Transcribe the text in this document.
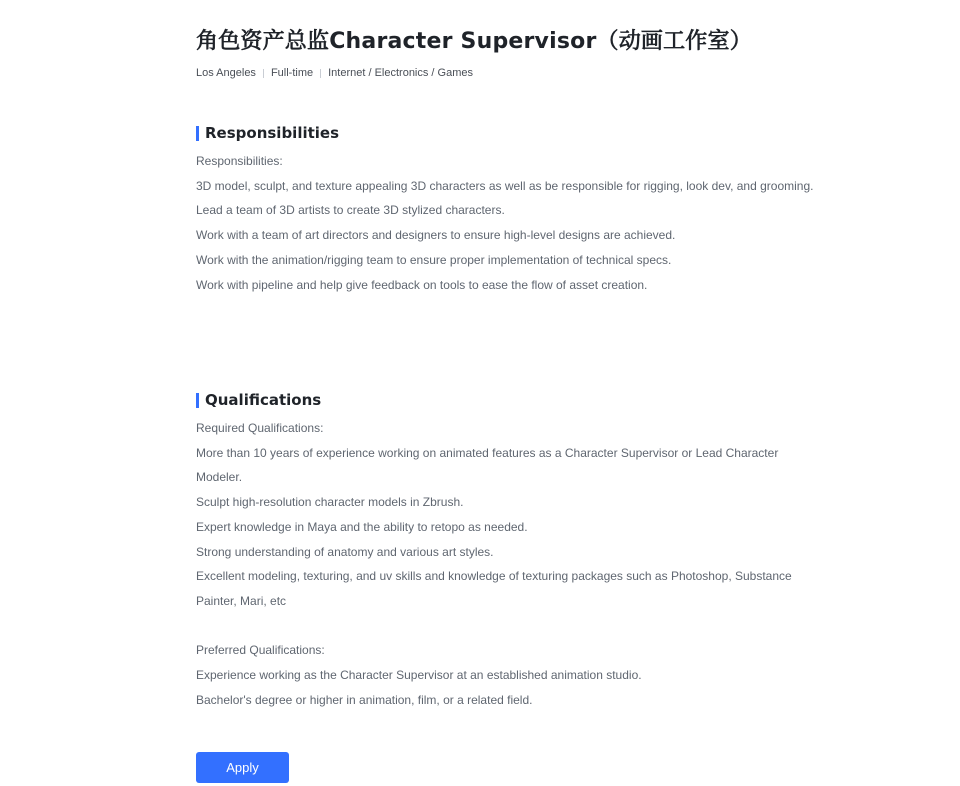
角色资产总监Character Supervisor（动画工作室）
Los Angeles Full-time Internet / Electronics / Games
Responsibilities
Responsibilities:
3D model, sculpt, and texture appealing 3D characters as well as be responsible for rigging, look dev, and grooming.
Lead a team of 3D artists to create 3D stylized characters.
Work with a team of art directors and designers to ensure high-level designs are achieved.
Work with the animation/rigging team to ensure proper implementation of technical specs.
Work with pipeline and help give feedback on tools to ease the flow of asset creation.
Qualifications
Required Qualifications:
More than 10 years of experience working on animated features as a Character Supervisor or Lead Character Modeler.
Sculpt high-resolution character models in Zbrush.
Expert knowledge in Maya and the ability to retopo as needed.
Strong understanding of anatomy and various art styles.
Excellent modeling, texturing, and uv skills and knowledge of texturing packages such as Photoshop, Substance Painter, Mari, etc
Preferred Qualifications:
Experience working as the Character Supervisor at an established animation studio.
Bachelor's degree or higher in animation, film, or a related field.
Apply
